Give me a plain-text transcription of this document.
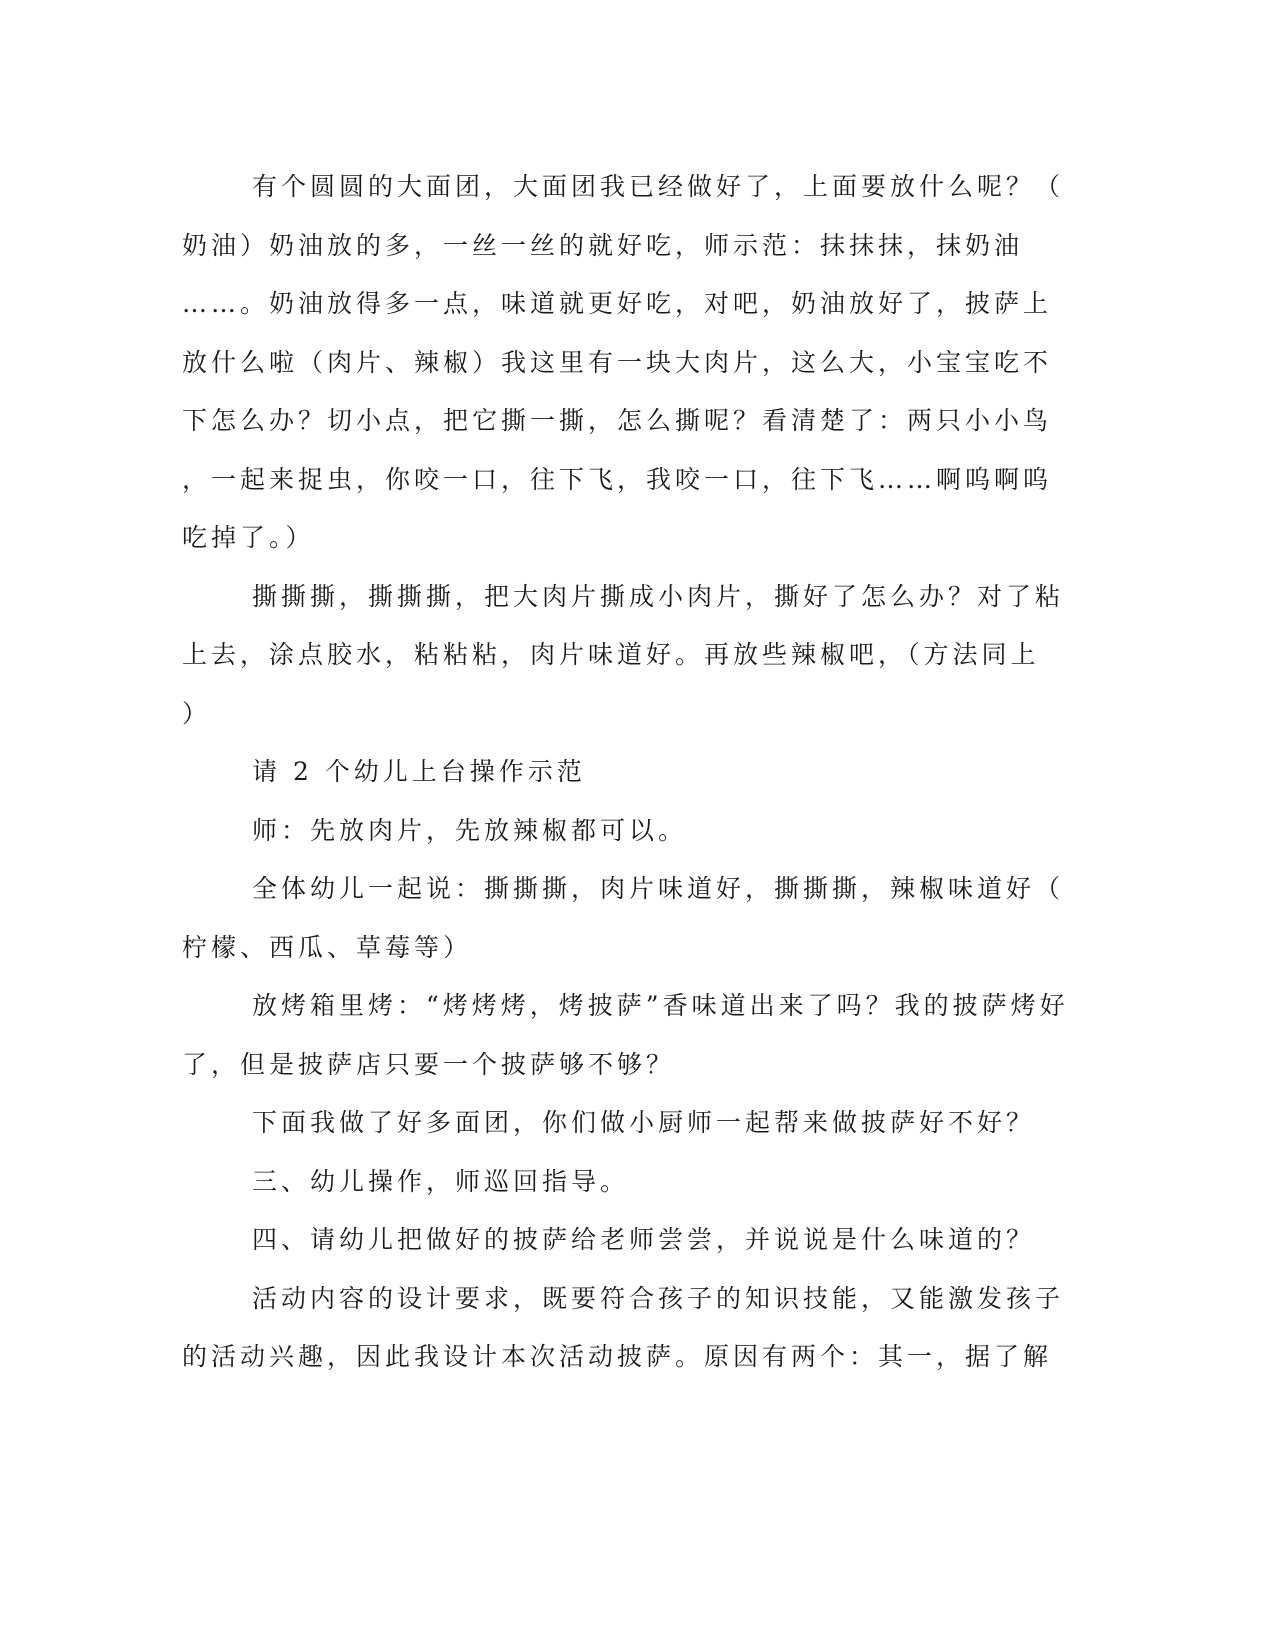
有个圆圆的大面团，大面团我已经做好了，上面要放什么呢？（
奶油）奶油放的多，一丝一丝的就好吃，师示范：抹抹抹，抹奶油
……。奶油放得多一点，味道就更好吃，对吧，奶油放好了，披萨上
放什么啦（肉片、辣椒）我这里有一块大肉片，这么大，小宝宝吃不
下怎么办？切小点，把它撕一撕，怎么撕呢？看清楚了：两只小小鸟
，一起来捉虫，你咬一口，往下飞，我咬一口，往下飞……啊呜啊呜
吃掉了。）
撕撕撕，撕撕撕，把大肉片撕成小肉片，撕好了怎么办？对了粘
上去，涂点胶水，粘粘粘，肉片味道好。再放些辣椒吧，（方法同上
）
请 2 个幼儿上台操作示范
师：先放肉片，先放辣椒都可以。
全体幼儿一起说：撕撕撕，肉片味道好，撕撕撕，辣椒味道好（
柠檬、西瓜、草莓等）
放烤箱里烤：“烤烤烤，烤披萨”香味道出来了吗？我的披萨烤好
了，但是披萨店只要一个披萨够不够？
下面我做了好多面团，你们做小厨师一起帮来做披萨好不好？
三、幼儿操作，师巡回指导。
四、请幼儿把做好的披萨给老师尝尝，并说说是什么味道的？
活动内容的设计要求，既要符合孩子的知识技能，又能激发孩子
的活动兴趣，因此我设计本次活动披萨。原因有两个：其一，据了解
